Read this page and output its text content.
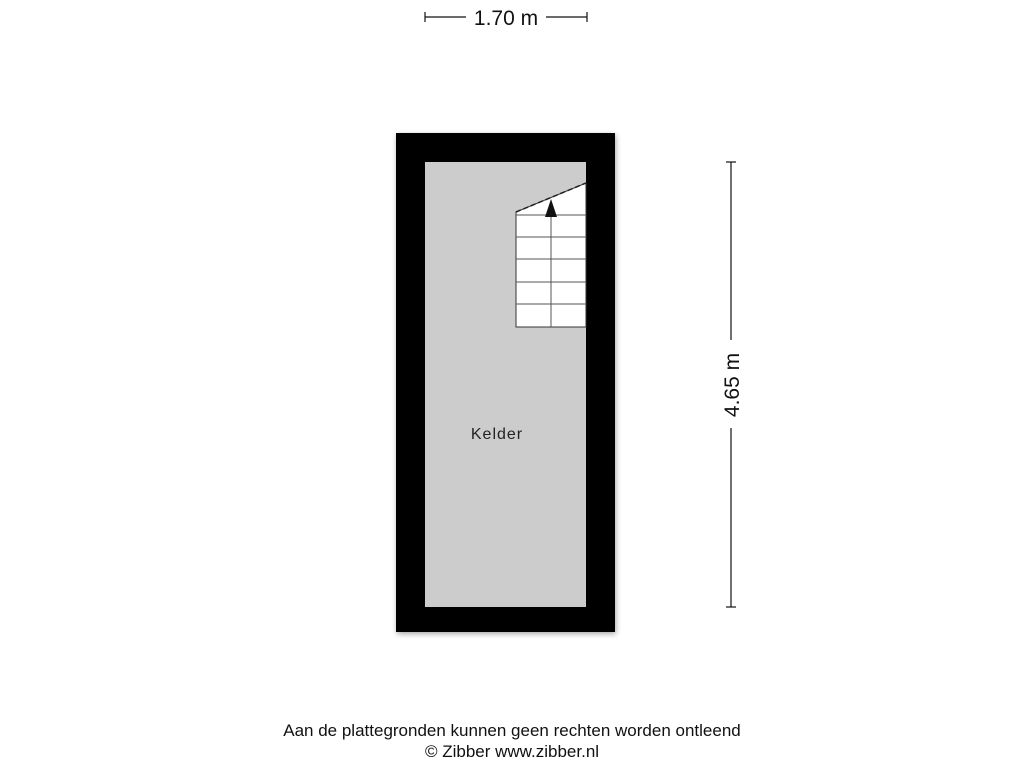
1.70 m
4.65 m
Kelder
Aan de plattegronden kunnen geen rechten worden ontleend
© Zibber www.zibber.nl
